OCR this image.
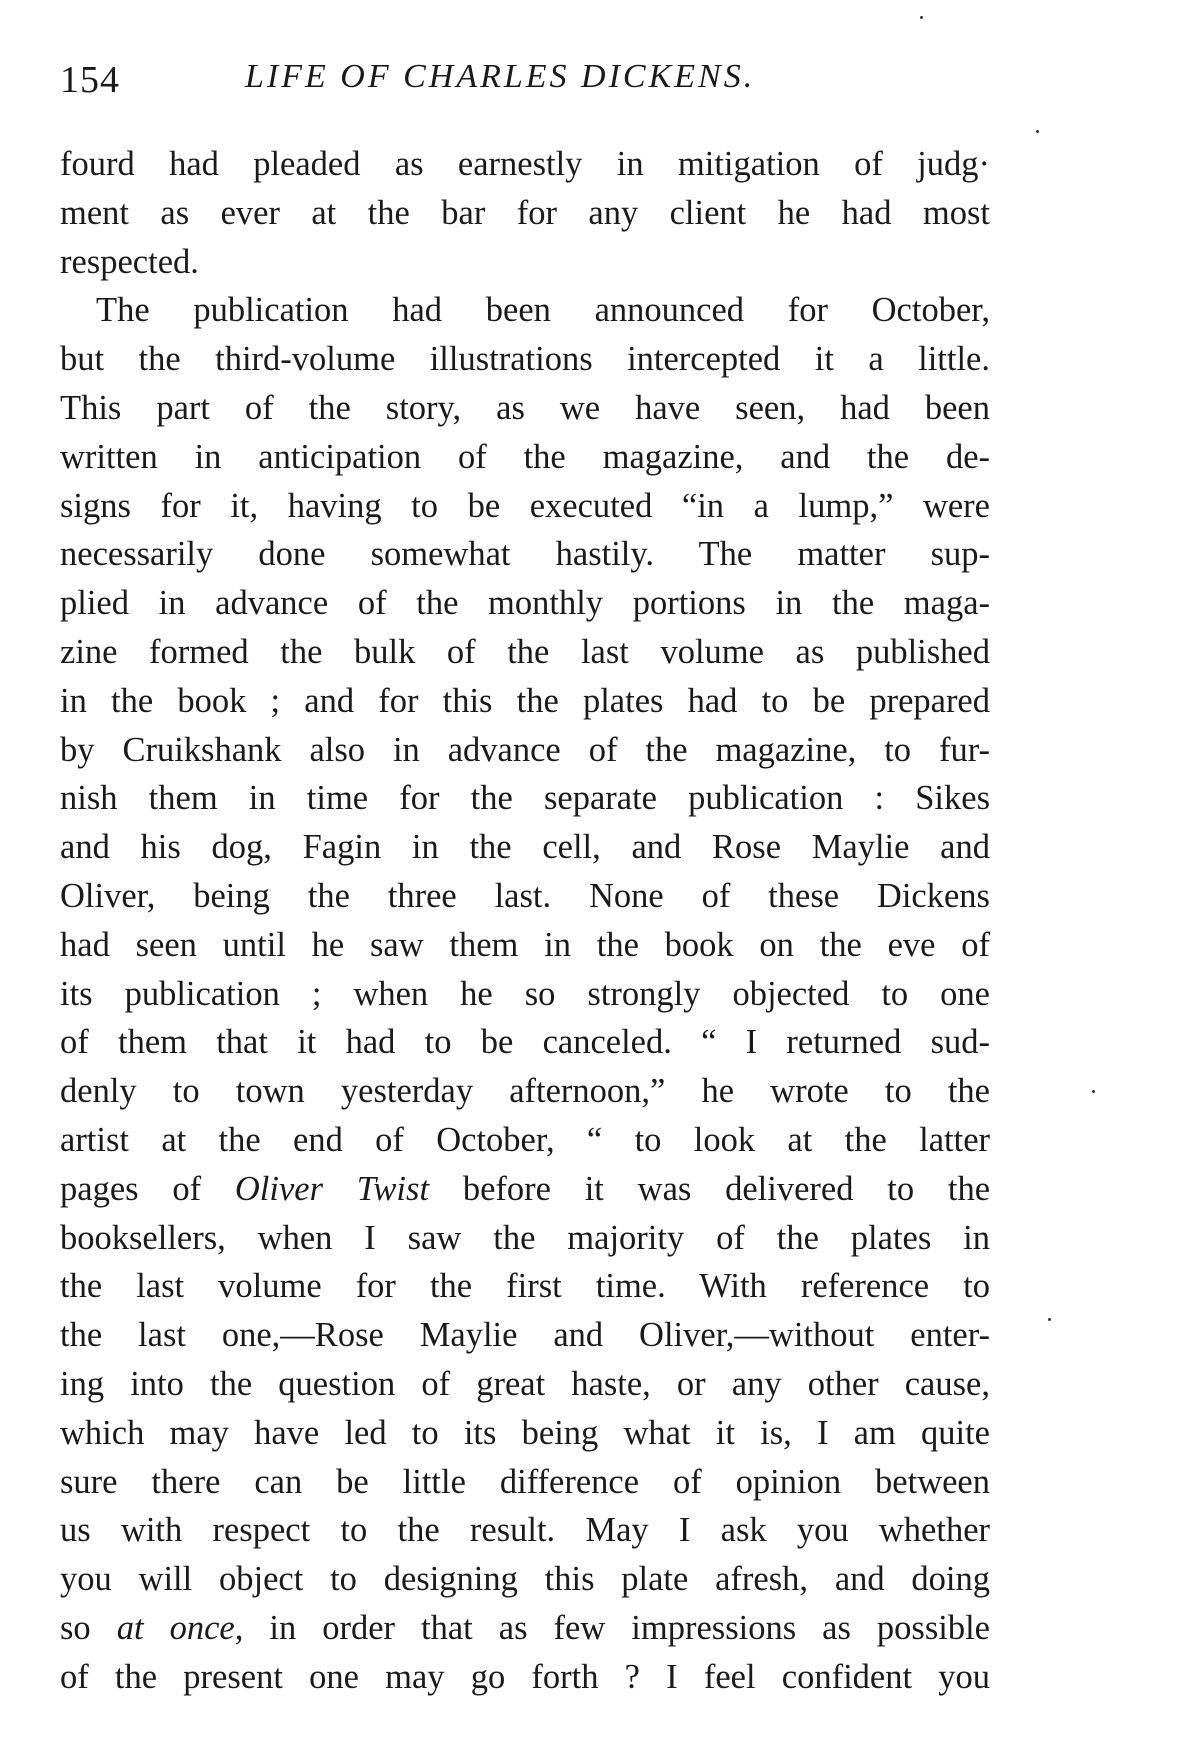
154	LIFE OF CHARLES DICKENS.
fourd had pleaded as earnestly in mitigation of judg·
ment as ever at the bar for any client he had most
respected.
The publication had been announced for October,
but the third-volume illustrations intercepted it a little.
This part of the story, as we have seen, had been
written in anticipation of the magazine, and the de-
signs for it, having to be executed “in a lump,” were
necessarily done somewhat hastily. The matter sup-
plied in advance of the monthly portions in the maga-
zine formed the bulk of the last volume as published
in the book ; and for this the plates had to be prepared
by Cruikshank also in advance of the magazine, to fur-
nish them in time for the separate publication : Sikes
and his dog, Fagin in the cell, and Rose Maylie and
Oliver, being the three last. None of these Dickens
had seen until he saw them in the book on the eve of
its publication ; when he so strongly objected to one
of them that it had to be canceled. “ I returned sud-
denly to town yesterday afternoon,” he wrote to the
artist at the end of October, “ to look at the latter
pages of Oliver Twist before it was delivered to the
booksellers, when I saw the majority of the plates in
the last volume for the first time. With reference to
the last one,—Rose Maylie and Oliver,—without enter-
ing into the question of great haste, or any other cause,
which may have led to its being what it is, I am quite
sure there can be little difference of opinion between
us with respect to the result. May I ask you whether
you will object to designing this plate afresh, and doing
so at once, in order that as few impressions as possible
of the present one may go forth ? I feel confident you
